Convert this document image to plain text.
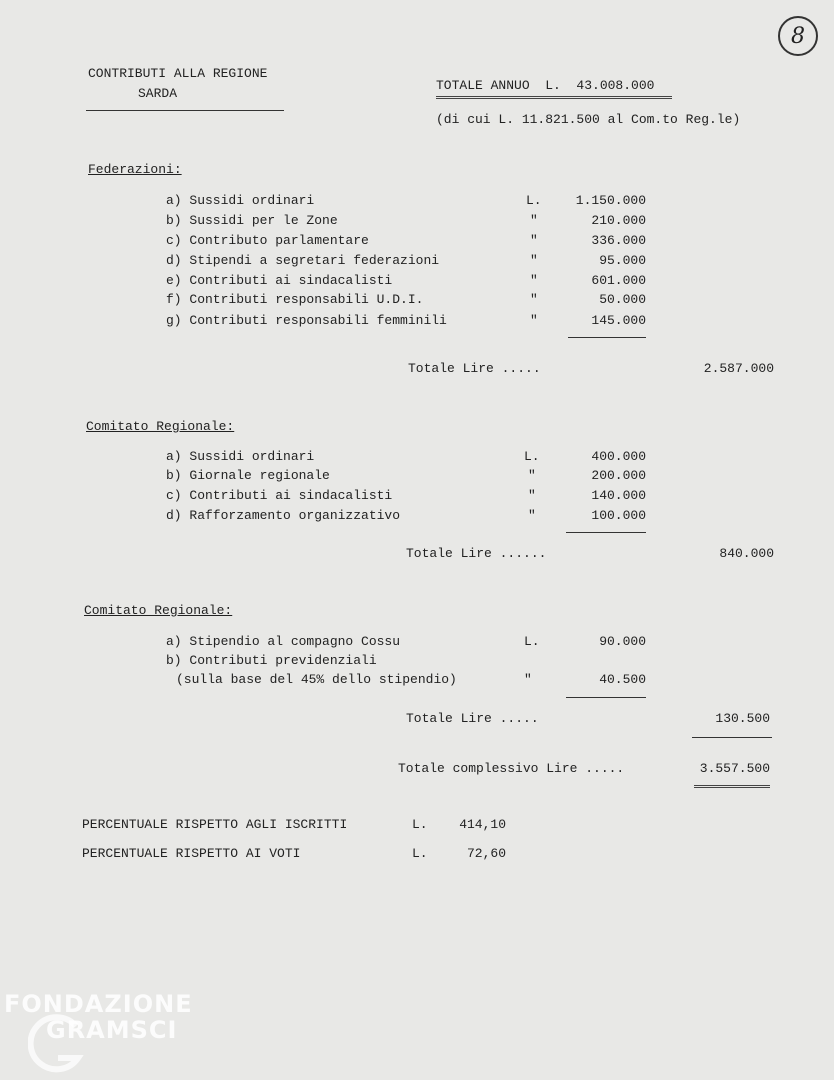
8
CONTRIBUTI ALLA REGIONE
SARDA
TOTALE ANNUO  L.  43.008.000
(di cui L. 11.821.500 al Com.to Reg.le)
Federazioni:
a) Sussidi ordinari	L.	1.150.000
b) Sussidi per le Zone	"	210.000
c) Contributo parlamentare	"	336.000
d) Stipendi a segretari federazioni	"	95.000
e) Contributi ai sindacalisti	"	601.000
f) Contributi responsabili U.D.I.	"	50.000
g) Contributi responsabili femminili	"	145.000
Totale Lire .....	2.587.000
Comitato Regionale:
a) Sussidi ordinari	L.	400.000
b) Giornale regionale	"	200.000
c) Contributi ai sindacalisti	"	140.000
d) Rafforzamento organizzativo	"	100.000
Totale Lire ......	840.000
Comitato Regionale:
a) Stipendio al compagno Cossu	L.	90.000
b) Contributi previdenziali
(sulla base del 45% dello stipendio)	"	40.500
Totale Lire .....	130.500
Totale complessivo Lire .....	3.557.500
PERCENTUALE RISPETTO AGLI ISCRITTI	L.	414,10
PERCENTUALE RISPETTO AI VOTI	L.	72,60
FONDAZIONE
GRAMSCI
